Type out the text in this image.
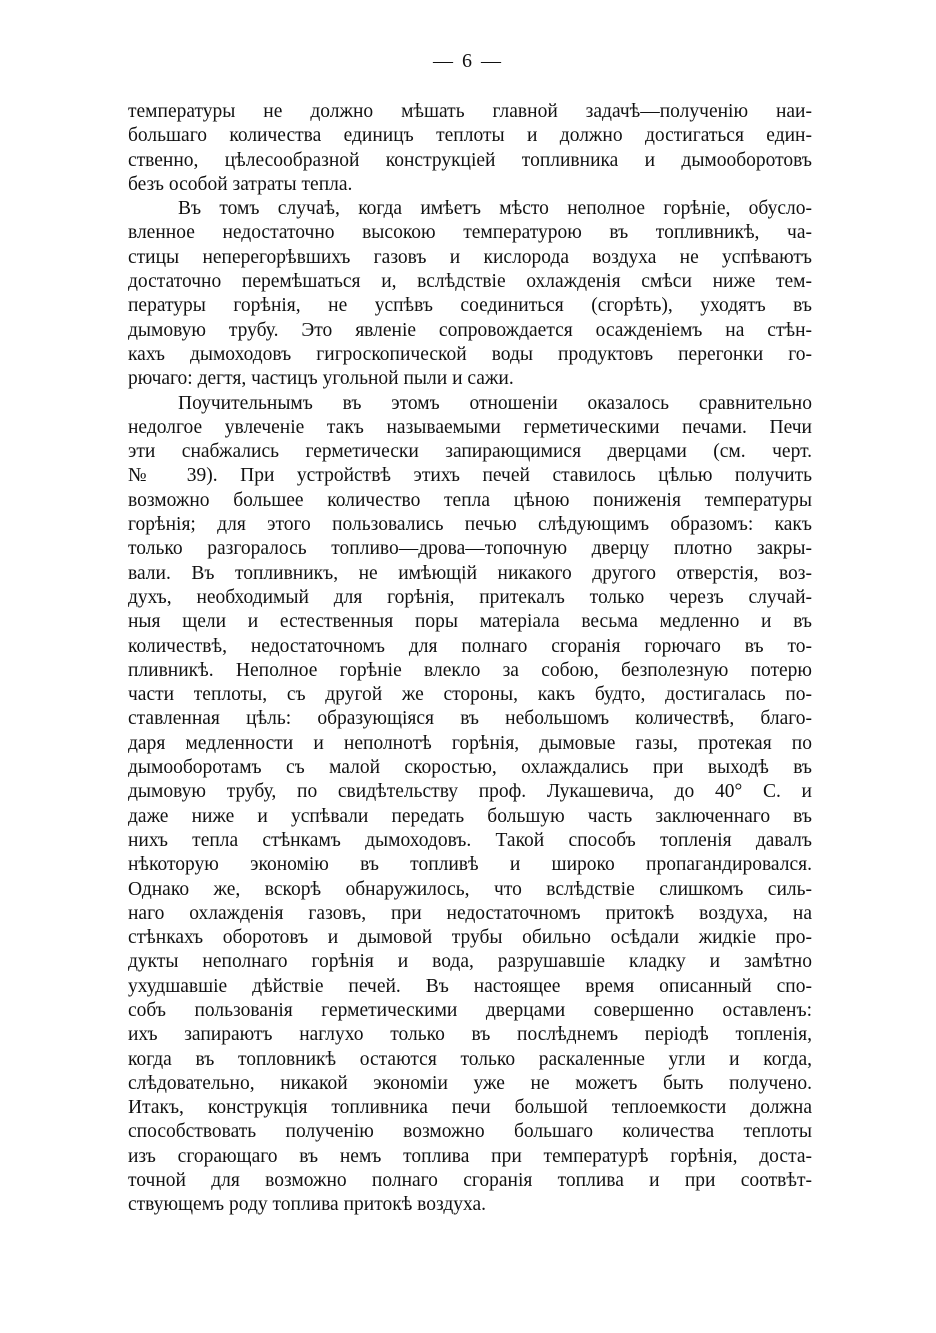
— 6 —
температуры не должно мѣшать главной задачѣ—полученію наи-
большаго количества единицъ теплоты и должно достигаться един-
ственно, цѣлесообразной конструкціей топливника и дымооборотовъ
безъ особой затраты тепла.
Въ томъ случаѣ, когда имѣетъ мѣсто неполное горѣніе, обусло-
вленное недостаточно высокою температурою въ топливникѣ, ча-
стицы неперегорѣвшихъ газовъ и кислорода воздуха не успѣваютъ
достаточно перемѣшаться и, вслѣдствіе охлажденія смѣси ниже тем-
пературы горѣнія, не успѣвъ соединиться (сгорѣть), уходятъ въ
дымовую трубу. Это явленіе сопровождается осажденіемъ на стѣн-
кахъ дымоходовъ гигроскопической воды продуктовъ перегонки го-
рючаго: дегтя, частицъ угольной пыли и сажи.
Поучительнымъ въ этомъ отношеніи оказалось сравнительно
недолгое увлеченіе такъ называемыми герметическими печами. Печи
эти снабжались герметически запирающимися дверцами (см. черт.
№ 39). При устройствѣ этихъ печей ставилось цѣлью получить
возможно большее количество тепла цѣною пониженія температуры
горѣнія; для этого пользовались печью слѣдующимъ образомъ: какъ
только разгоралось топливо—дрова—топочную дверцу плотно закры-
вали. Въ топливникъ, не имѣющій никакого другого отверстія, воз-
духъ, необходимый для горѣнія, притекалъ только черезъ случай-
ныя щели и естественныя поры матеріала весьма медленно и въ
количествѣ, недостаточномъ для полнаго сгоранія горючаго въ то-
пливникѣ. Неполное горѣніе влекло за собою, безполезную потерю
части теплоты, съ другой же стороны, какъ будто, достигалась по-
ставленная цѣль: образующіяся въ небольшомъ количествѣ, благо-
даря медленности и неполнотѣ горѣнія, дымовые газы, протекая по
дымооборотамъ съ малой скоростью, охлаждались при выходѣ въ
дымовую трубу, по свидѣтельству проф. Лукашевича, до 40° С. и
даже ниже и успѣвали передать большую часть заключеннаго въ
нихъ тепла стѣнкамъ дымоходовъ. Такой способъ топленія давалъ
нѣкоторую экономію въ топливѣ и широко пропагандировался.
Однако же, вскорѣ обнаружилось, что вслѣдствіе слишкомъ силь-
наго охлажденія газовъ, при недостаточномъ притокѣ воздуха, на
стѣнкахъ оборотовъ и дымовой трубы обильно осѣдали жидкіе про-
дукты неполнаго горѣнія и вода, разрушавшіе кладку и замѣтно
ухудшавшіе дѣйствіе печей. Въ настоящее время описанный спо-
собъ пользованія герметическими дверцами совершенно оставленъ:
ихъ запираютъ наглухо только въ послѣднемъ періодѣ топленія,
когда въ топловникѣ остаются только раскаленные угли и когда,
слѣдовательно, никакой экономіи уже не можетъ быть получено.
Итакъ, конструкція топливника печи большой теплоемкости должна
способствовать полученію возможно большаго количества теплоты
изъ сгорающаго въ немъ топлива при температурѣ горѣнія, доста-
точной для возможно полнаго сгоранія топлива и при соотвѣт-
ствующемъ роду топлива притокѣ воздуха.
